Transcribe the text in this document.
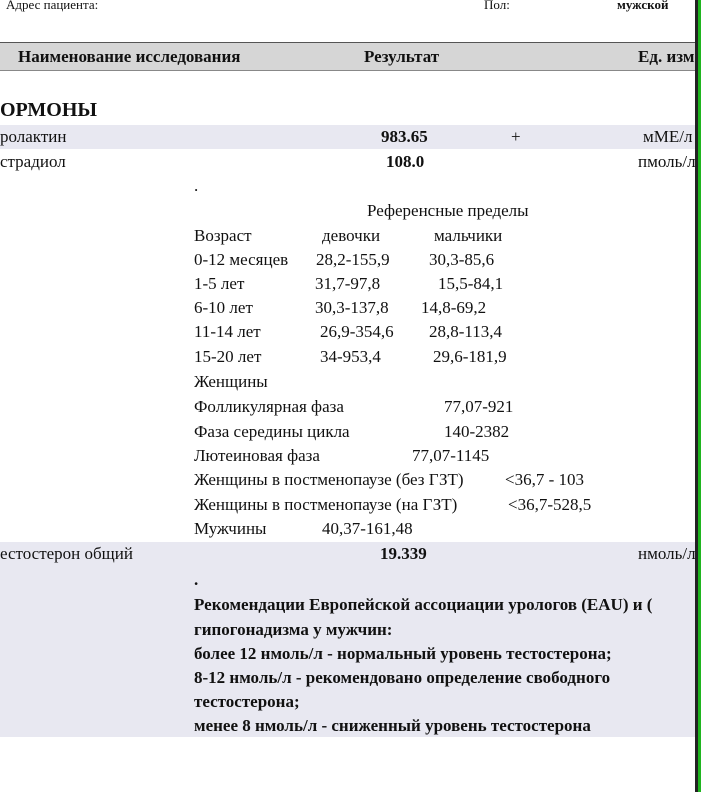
Адрес пациента:	Пол:	мужской
Наименование исследования	Результат	Ед. изм
ОРМОНЫ
ролактин	983.65	+	мМЕ/л
страдиол	108.0	пмоль/л
.
Референсные пределы
Возраст	девочки	мальчики
0-12 месяцев 28,2-155,9 30,3-85,6
1-5 лет	31,7-97,8	15,5-84,1
6-10 лет	30,3-137,8 14,8-69,2
11-14 лет	26,9-354,6 28,8-113,4
15-20 лет	34-953,4	29,6-181,9
Женщины
Фолликулярная фаза	77,07-921
Фаза середины цикла	140-2382
Лютеиновая фаза	77,07-1145
Женщины в постменопаузе (без ГЗТ) <36,7 - 103
Женщины в постменопаузе (на ГЗТ)	<36,7-528,5
Мужчины	40,37-161,48
естостерон общий	19.339	нмоль/л
.
Рекомендации Европейской ассоциации урологов (EAU) и (
гипогонадизма у мужчин:
более 12 нмоль/л - нормальный уровень тестостерона;
8-12 нмоль/л - рекомендовано определение свободного
тестостерона;
менее 8 нмоль/л - сниженный уровень тестостерона
